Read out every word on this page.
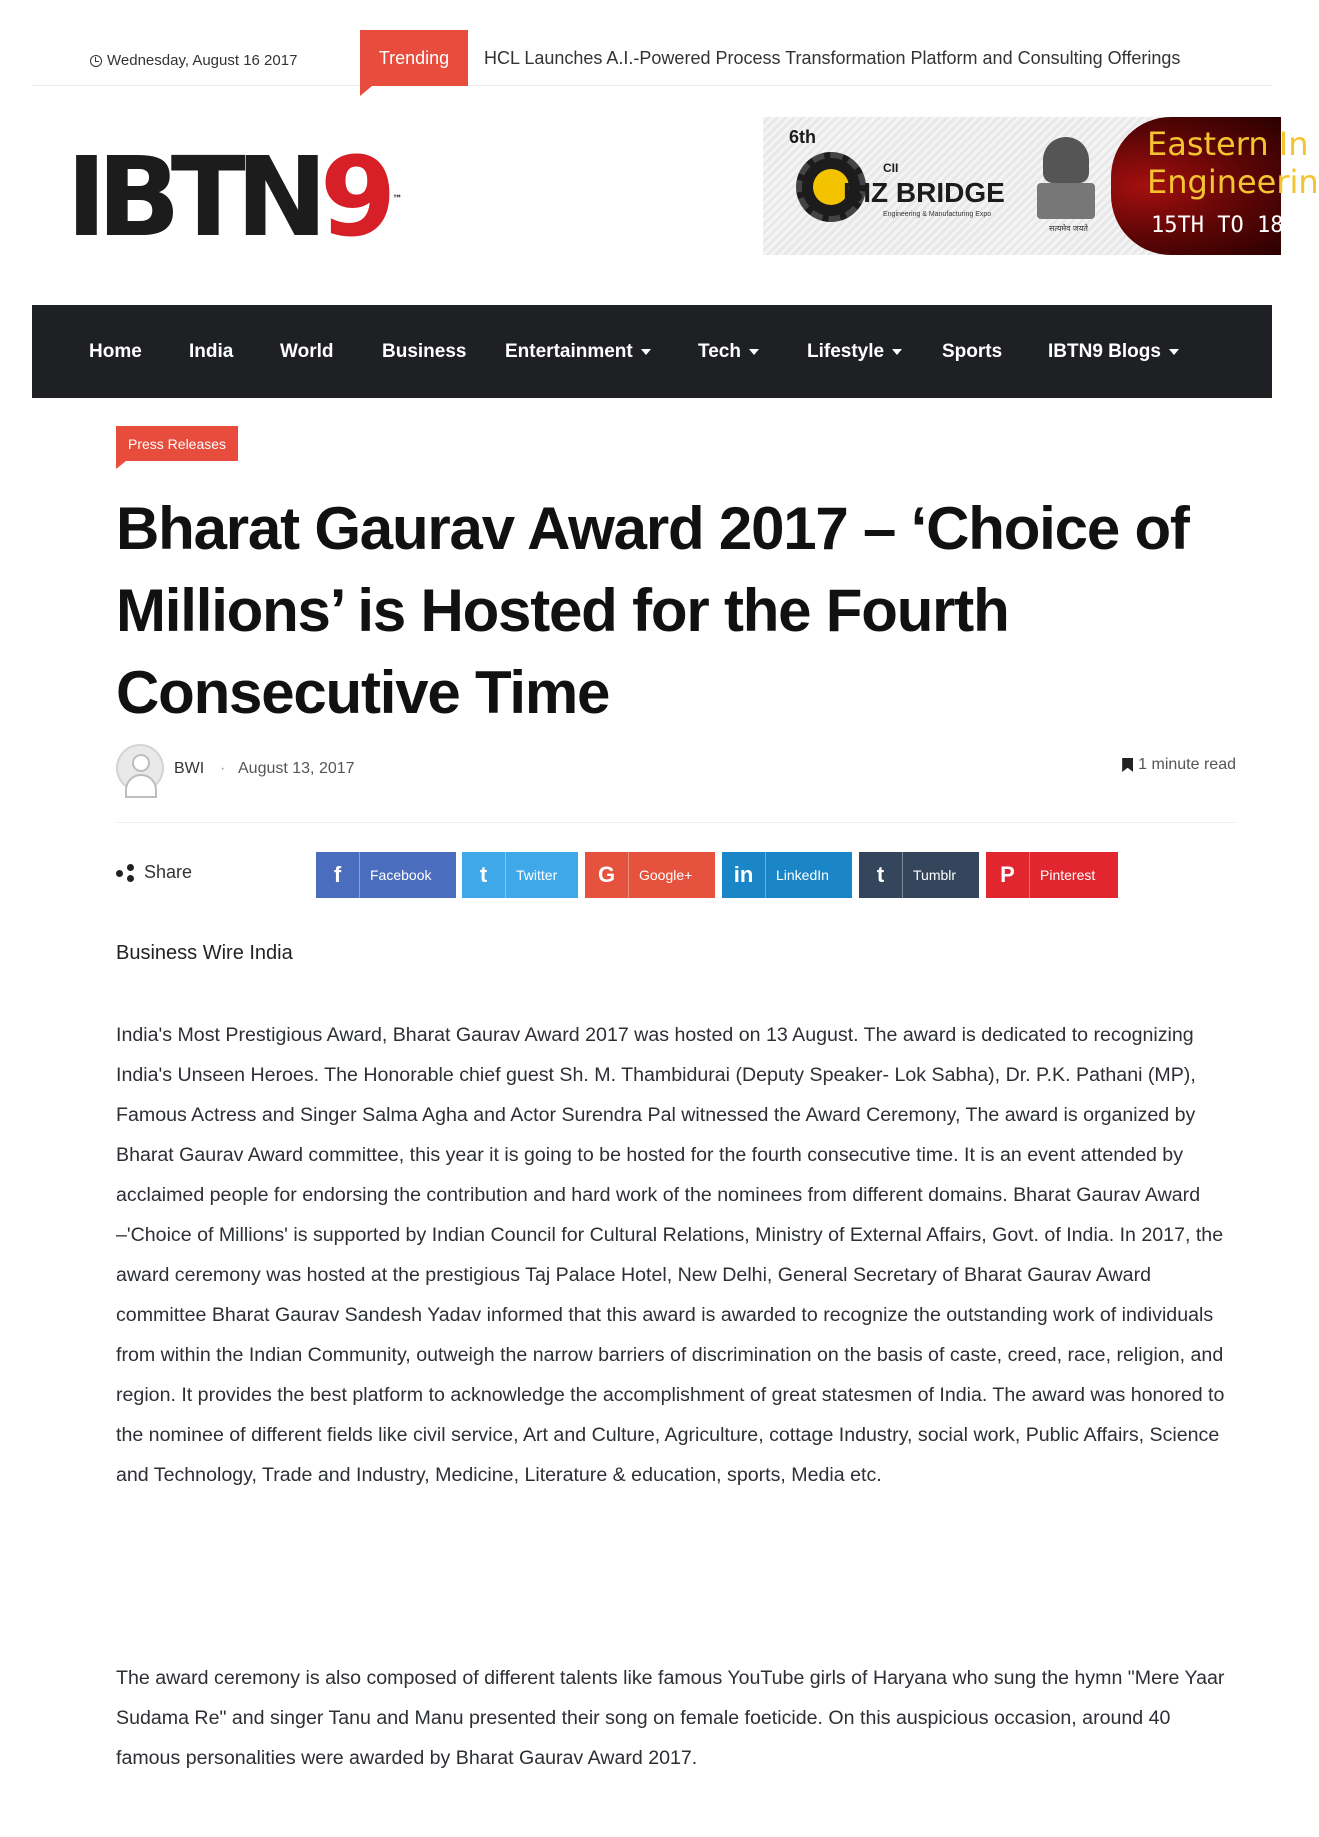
Wednesday, August 16 2017	Trending	HCL Launches A.I.-Powered Process Transformation Platform and Consulting Offerings
IBTN 9 ™
6th
CII
BIZ BRIDGE
Engineering & Manufacturing Expo
सत्यमेव जयते
Eastern In
Engineerin
15TH TO 18T
Home India World	Business Entertainment	Tech	Lifestyle	Sports IBTN9 Blogs
Press Releases
Bharat Gaurav Award 2017 – ‘Choice of Millions’ is Hosted for the Fourth Consecutive Time
BWI · August 13, 2017	1 minute read
Share	f	Facebook	t	Twitter	G	Google+	in	LinkedIn	t	Tumblr	P	Pinterest

Business Wire India

India's Most Prestigious Award, Bharat Gaurav Award 2017 was hosted on 13 August. The award is dedicated to recognizing India's Unseen Heroes. The Honorable chief guest Sh. M. Thambidurai (Deputy Speaker- Lok Sabha), Dr. P.K. Pathani (MP), Famous Actress and Singer Salma Agha and Actor Surendra Pal witnessed the Award Ceremony, The award is organized by Bharat Gaurav Award committee, this year it is going to be hosted for the fourth consecutive time. It is an event attended by acclaimed people for endorsing the contribution and hard work of the nominees from different domains. Bharat Gaurav Award –'Choice of Millions' is supported by Indian Council for Cultural Relations, Ministry of External Affairs, Govt. of India. In 2017, the award ceremony was hosted at the prestigious Taj Palace Hotel, New Delhi, General Secretary of Bharat Gaurav Award committee Bharat Gaurav Sandesh Yadav informed that this award is awarded to recognize the outstanding work of individuals from within the Indian Community, outweigh the narrow barriers of discrimination on the basis of caste, creed, race, religion, and region. It provides the best platform to acknowledge the accomplishment of great statesmen of India. The award was honored to the nominee of different fields like civil service, Art and Culture, Agriculture, cottage Industry, social work, Public Affairs, Science and Technology, Trade and Industry, Medicine, Literature & education, sports, Media etc.

The award ceremony is also composed of different talents like famous YouTube girls of Haryana who sung the hymn "Mere Yaar Sudama Re" and singer Tanu and Manu presented their song on female foeticide. On this auspicious occasion, around 40 famous personalities were awarded by Bharat Gaurav Award 2017.
